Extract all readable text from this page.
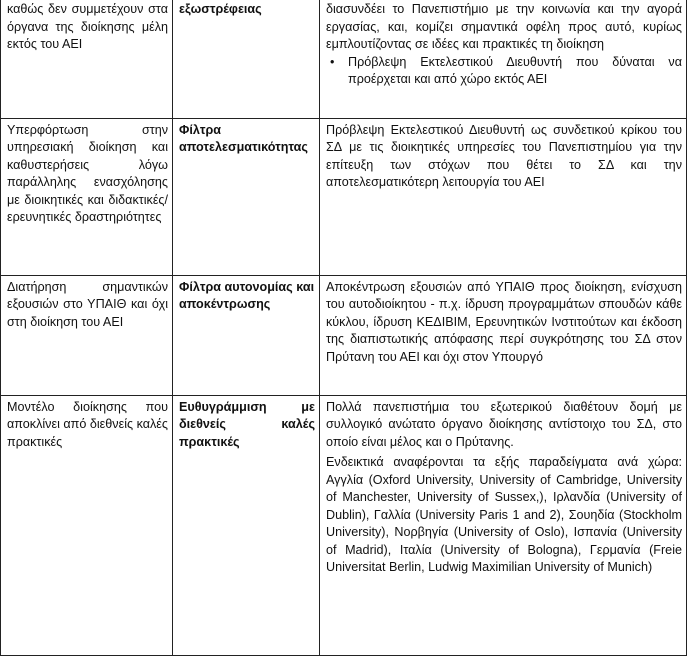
καθώς δεν συμμετέχουν στα όργανα της διοίκησης μέλη εκτός του ΑΕΙ	εξωστρέφειας	διασυνδέει το Πανεπιστήμιο με την κοινωνία και την αγορά εργασίας, και, κομίζει σημαντικά οφέλη προς αυτό, κυρίως εμπλουτίζοντας σε ιδέες και πρακτικές τη διοίκηση

• Πρόβλεψη Εκτελεστικού Διευθυντή που δύναται να προέρχεται και από χώρο εκτός ΑΕΙ

Υπερφόρτωση στην υπηρεσιακή διοίκηση και καθυστερήσεις λόγω παράλληλης ενασχόλησης με διοικητικές και διδακτικές/ερευνητικές δραστηριότητες	Φίλτρα αποτελεσματικότητας	Πρόβλεψη Εκτελεστικού Διευθυντή ως συνδετικού κρίκου του ΣΔ με τις διοικητικές υπηρεσίες του Πανεπιστημίου για την επίτευξη των στόχων που θέτει το ΣΔ και την αποτελεσματικότερη λειτουργία του ΑΕΙ

Διατήρηση σημαντικών εξουσιών στο ΥΠΑΙΘ και όχι στη διοίκηση του ΑΕΙ	Φίλτρα αυτονομίας και αποκέντρωσης	Αποκέντρωση εξουσιών από ΥΠΑΙΘ προς διοίκηση, ενίσχυση του αυτοδιοίκητου - π.χ. ίδρυση προγραμμάτων σπουδών κάθε κύκλου, ίδρυση ΚΕΔΙΒΙΜ, Ερευνητικών Ινστιτούτων και έκδοση της διαπιστωτικής απόφασης περί συγκρότησης του ΣΔ στον Πρύτανη του ΑΕΙ και όχι στον Υπουργό

Μοντέλο διοίκησης που αποκλίνει από διεθνείς καλές πρακτικές	Ευθυγράμμιση με διεθνείς καλές πρακτικές	Πολλά πανεπιστήμια του εξωτερικού διαθέτουν δομή με συλλογικό ανώτατο όργανο διοίκησης αντίστοιχο του ΣΔ, στο οποίο είναι μέλος και ο Πρύτανης.

Ενδεικτικά αναφέρονται τα εξής παραδείγματα ανά χώρα: Αγγλία (Oxford University, University of Cambridge, University of Manchester, University of Sussex,), Ιρλανδία (University of Dublin), Γαλλία (University Paris 1 and 2), Σουηδία (Stockholm University), Νορβηγία (University of Oslo), Ισπανία (University of Madrid), Ιταλία (University of Bologna), Γερμανία (Freie Universitat Berlin, Ludwig Maximilian University of Munich)
